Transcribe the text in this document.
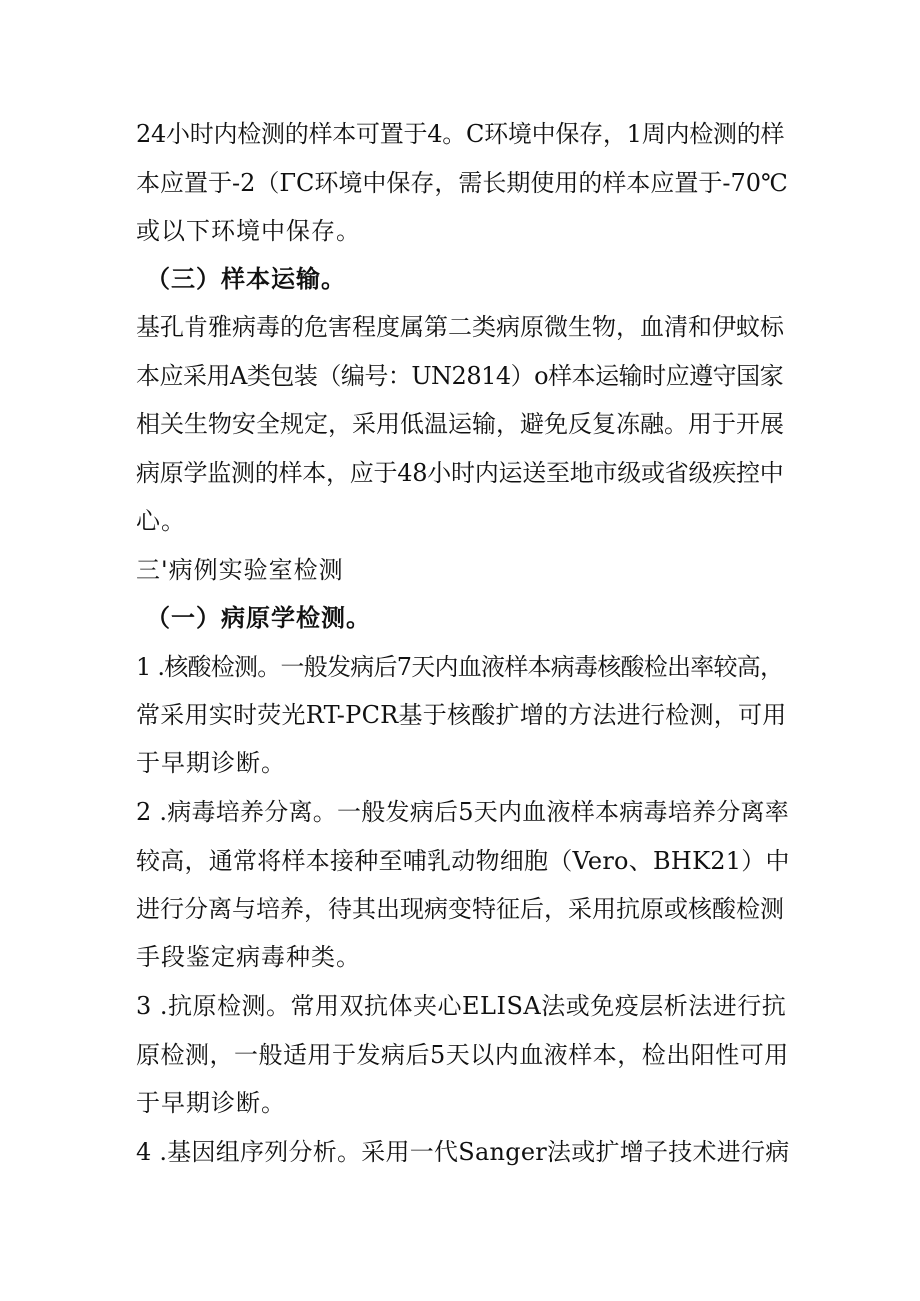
24小时内检测的样本可置于4。C环境中保存，1周内检测的样
本应置于-2（ΓC环境中保存，需长期使用的样本应置于-70℃
或以下环境中保存。
（三）样本运输。
基孔肯雅病毒的危害程度属第二类病原微生物，血清和伊蚊标
本应采用A类包装（编号：UN2814）o样本运输时应遵守国家
相关生物安全规定，采用低温运输，避免反复冻融。用于开展
病原学监测的样本，应于48小时内运送至地市级或省级疾控中
心。
三'病例实验室检测
（一）病原学检测。
1 .核酸检测。一般发病后7天内血液样本病毒核酸检出率较高，
常采用实时荧光RT-PCR基于核酸扩增的方法进行检测，可用
于早期诊断。
2 .病毒培养分离。一般发病后5天内血液样本病毒培养分离率
较高，通常将样本接种至哺乳动物细胞（Vero、BHK21）中
进行分离与培养，待其出现病变特征后，采用抗原或核酸检测
手段鉴定病毒种类。
3 .抗原检测。常用双抗体夹心ELISA法或免疫层析法进行抗
原检测，一般适用于发病后5天以内血液样本，检出阳性可用
于早期诊断。
4 .基因组序列分析。采用一代Sanger法或扩增子技术进行病
